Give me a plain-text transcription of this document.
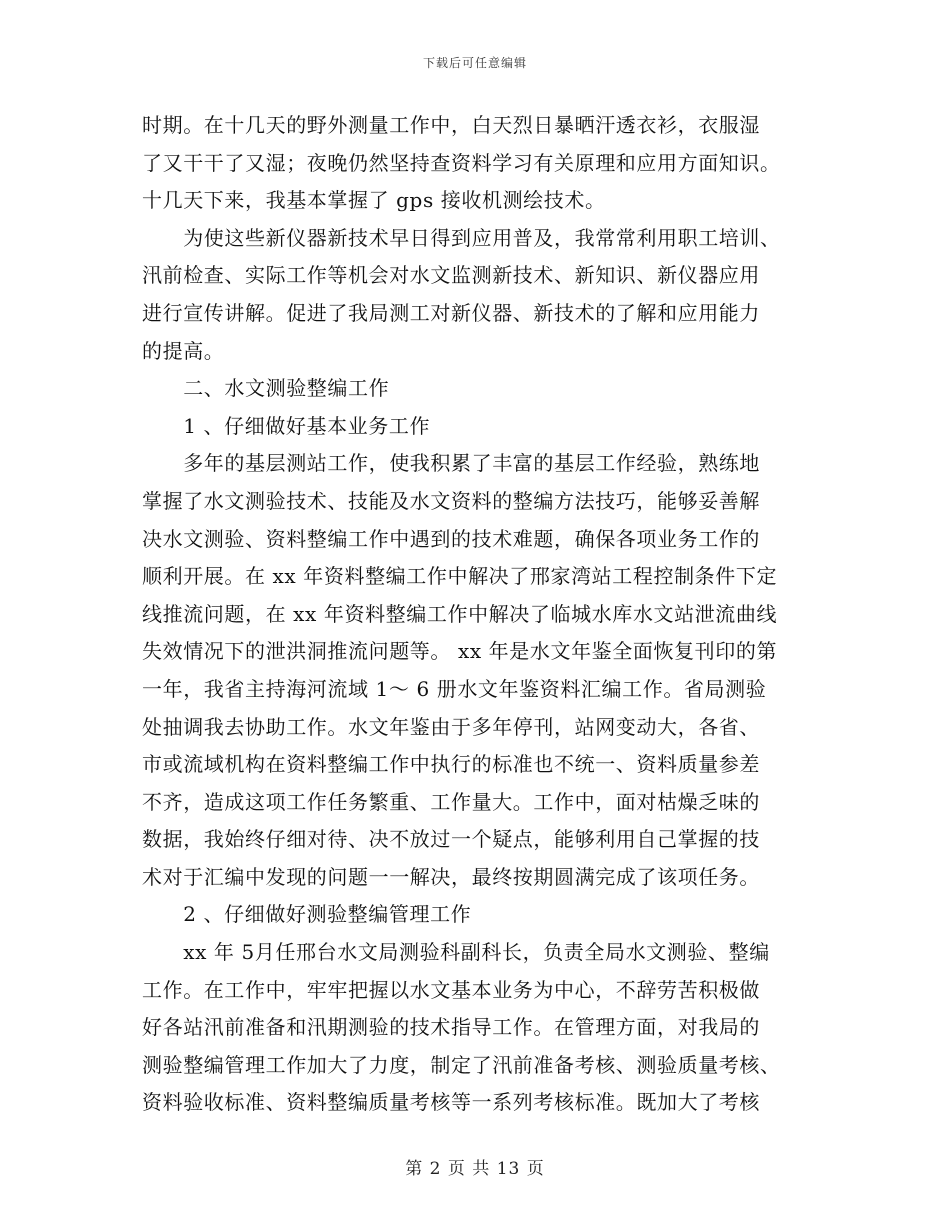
下载后可任意编辑
时期。在十几天的野外测量工作中，白天烈日暴晒汗透衣衫，衣服湿
了又干干了又湿；夜晚仍然坚持查资料学习有关原理和应用方面知识。
十几天下来，我基本掌握了 gps 接收机测绘技术。
　　为使这些新仪器新技术早日得到应用普及，我常常利用职工培训、
汛前检查、实际工作等机会对水文监测新技术、新知识、新仪器应用
进行宣传讲解。促进了我局测工对新仪器、新技术的了解和应用能力
的提高。
　　二、水文测验整编工作
　　1 、仔细做好基本业务工作
　　多年的基层测站工作，使我积累了丰富的基层工作经验，熟练地
掌握了水文测验技术、技能及水文资料的整编方法技巧，能够妥善解
决水文测验、资料整编工作中遇到的技术难题，确保各项业务工作的
顺利开展。在 xx 年资料整编工作中解决了邢家湾站工程控制条件下定
线推流问题，在 xx 年资料整编工作中解决了临城水库水文站泄流曲线
失效情况下的泄洪洞推流问题等。 xx 年是水文年鉴全面恢复刊印的第
一年，我省主持海河流域 1～ 6 册水文年鉴资料汇编工作。省局测验
处抽调我去协助工作。水文年鉴由于多年停刊，站网变动大，各省、
市或流域机构在资料整编工作中执行的标准也不统一、资料质量参差
不齐，造成这项工作任务繁重、工作量大。工作中，面对枯燥乏味的
数据，我始终仔细对待、决不放过一个疑点，能够利用自己掌握的技
术对于汇编中发现的问题一一解决，最终按期圆满完成了该项任务。
　　2 、仔细做好测验整编管理工作
　　xx 年 5月任邢台水文局测验科副科长，负责全局水文测验、整编
工作。在工作中，牢牢把握以水文基本业务为中心，不辞劳苦积极做
好各站汛前准备和汛期测验的技术指导工作。在管理方面，对我局的
测验整编管理工作加大了力度，制定了汛前准备考核、测验质量考核、
资料验收标准、资料整编质量考核等一系列考核标准。既加大了考核
第 2 页 共 13 页
